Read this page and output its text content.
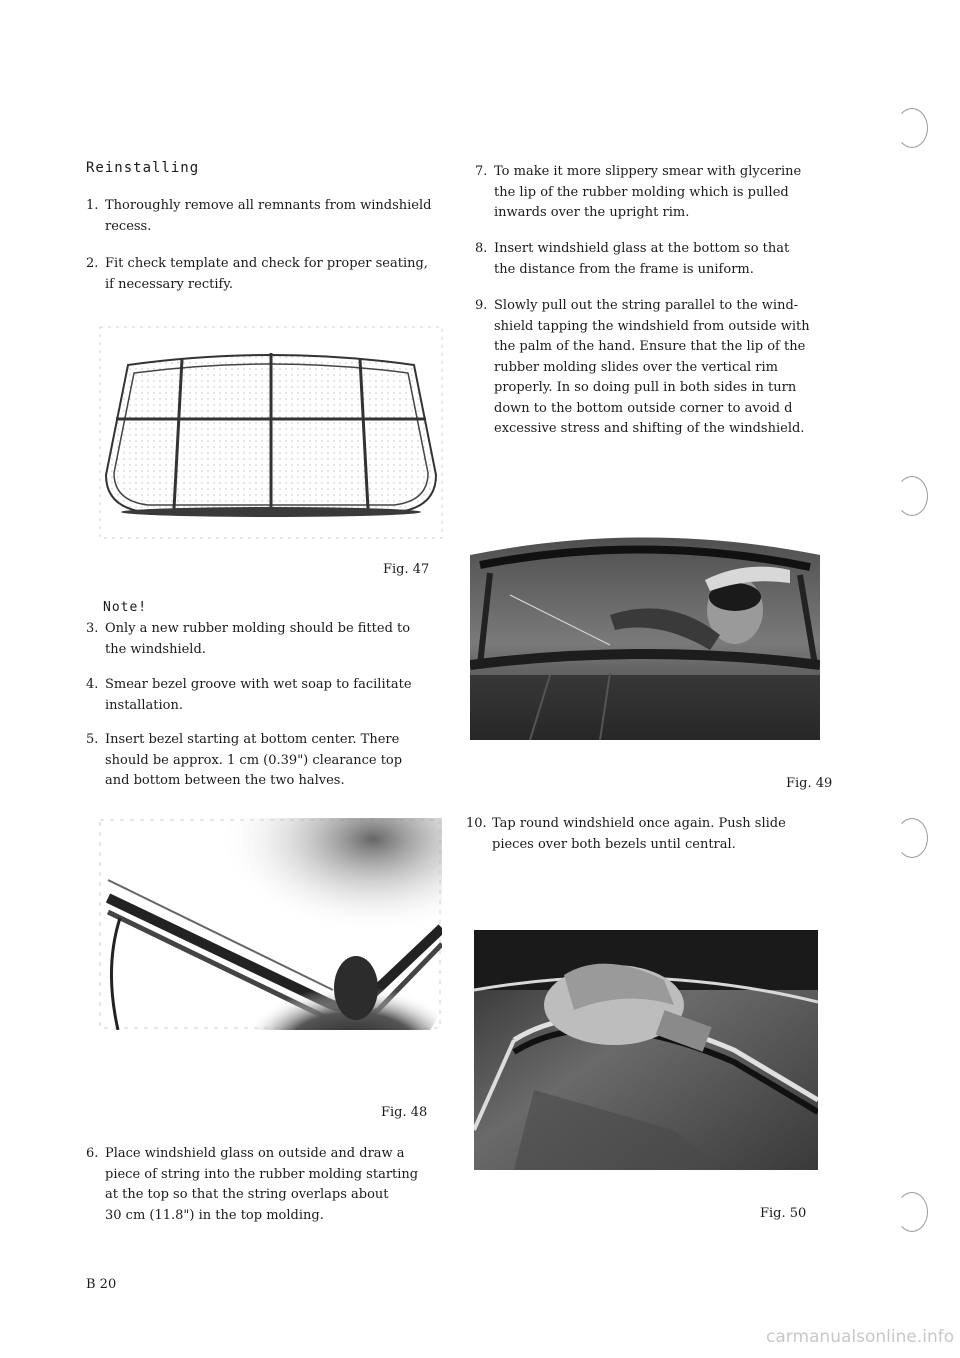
Reinstalling
1. Thoroughly remove all remnants from windshield
recess.
2. Fit check template and check for proper seating,
if necessary rectify.
Fig. 47
Note!
3. Only a new rubber molding should be fitted to
the windshield.
4. Smear bezel groove with wet soap to facilitate
installation.
5. Insert bezel starting at bottom center. There
should be approx. 1 cm (0.39") clearance top
and bottom between the two halves.
Fig. 48
6. Place windshield glass on outside and draw a
piece of string into the rubber molding starting
at the top so that the string overlaps about
30 cm (11.8") in the top molding.
B 20
7. To make it more slippery smear with glycerine
the lip of the rubber molding which is pulled
inwards over the upright rim.
8. Insert windshield glass at the bottom so that
the distance from the frame is uniform.
9. Slowly pull out the string parallel to the wind-
shield tapping the windshield from outside with
the palm of the hand. Ensure that the lip of the
rubber molding slides over the vertical rim
properly. In so doing pull in both sides in turn
down to the bottom outside corner to avoid d
excessive stress and shifting of the windshield.
Fig. 49
10. Tap round windshield once again. Push slide
pieces over both bezels until central.
Fig. 50
carmanualsonline.info
